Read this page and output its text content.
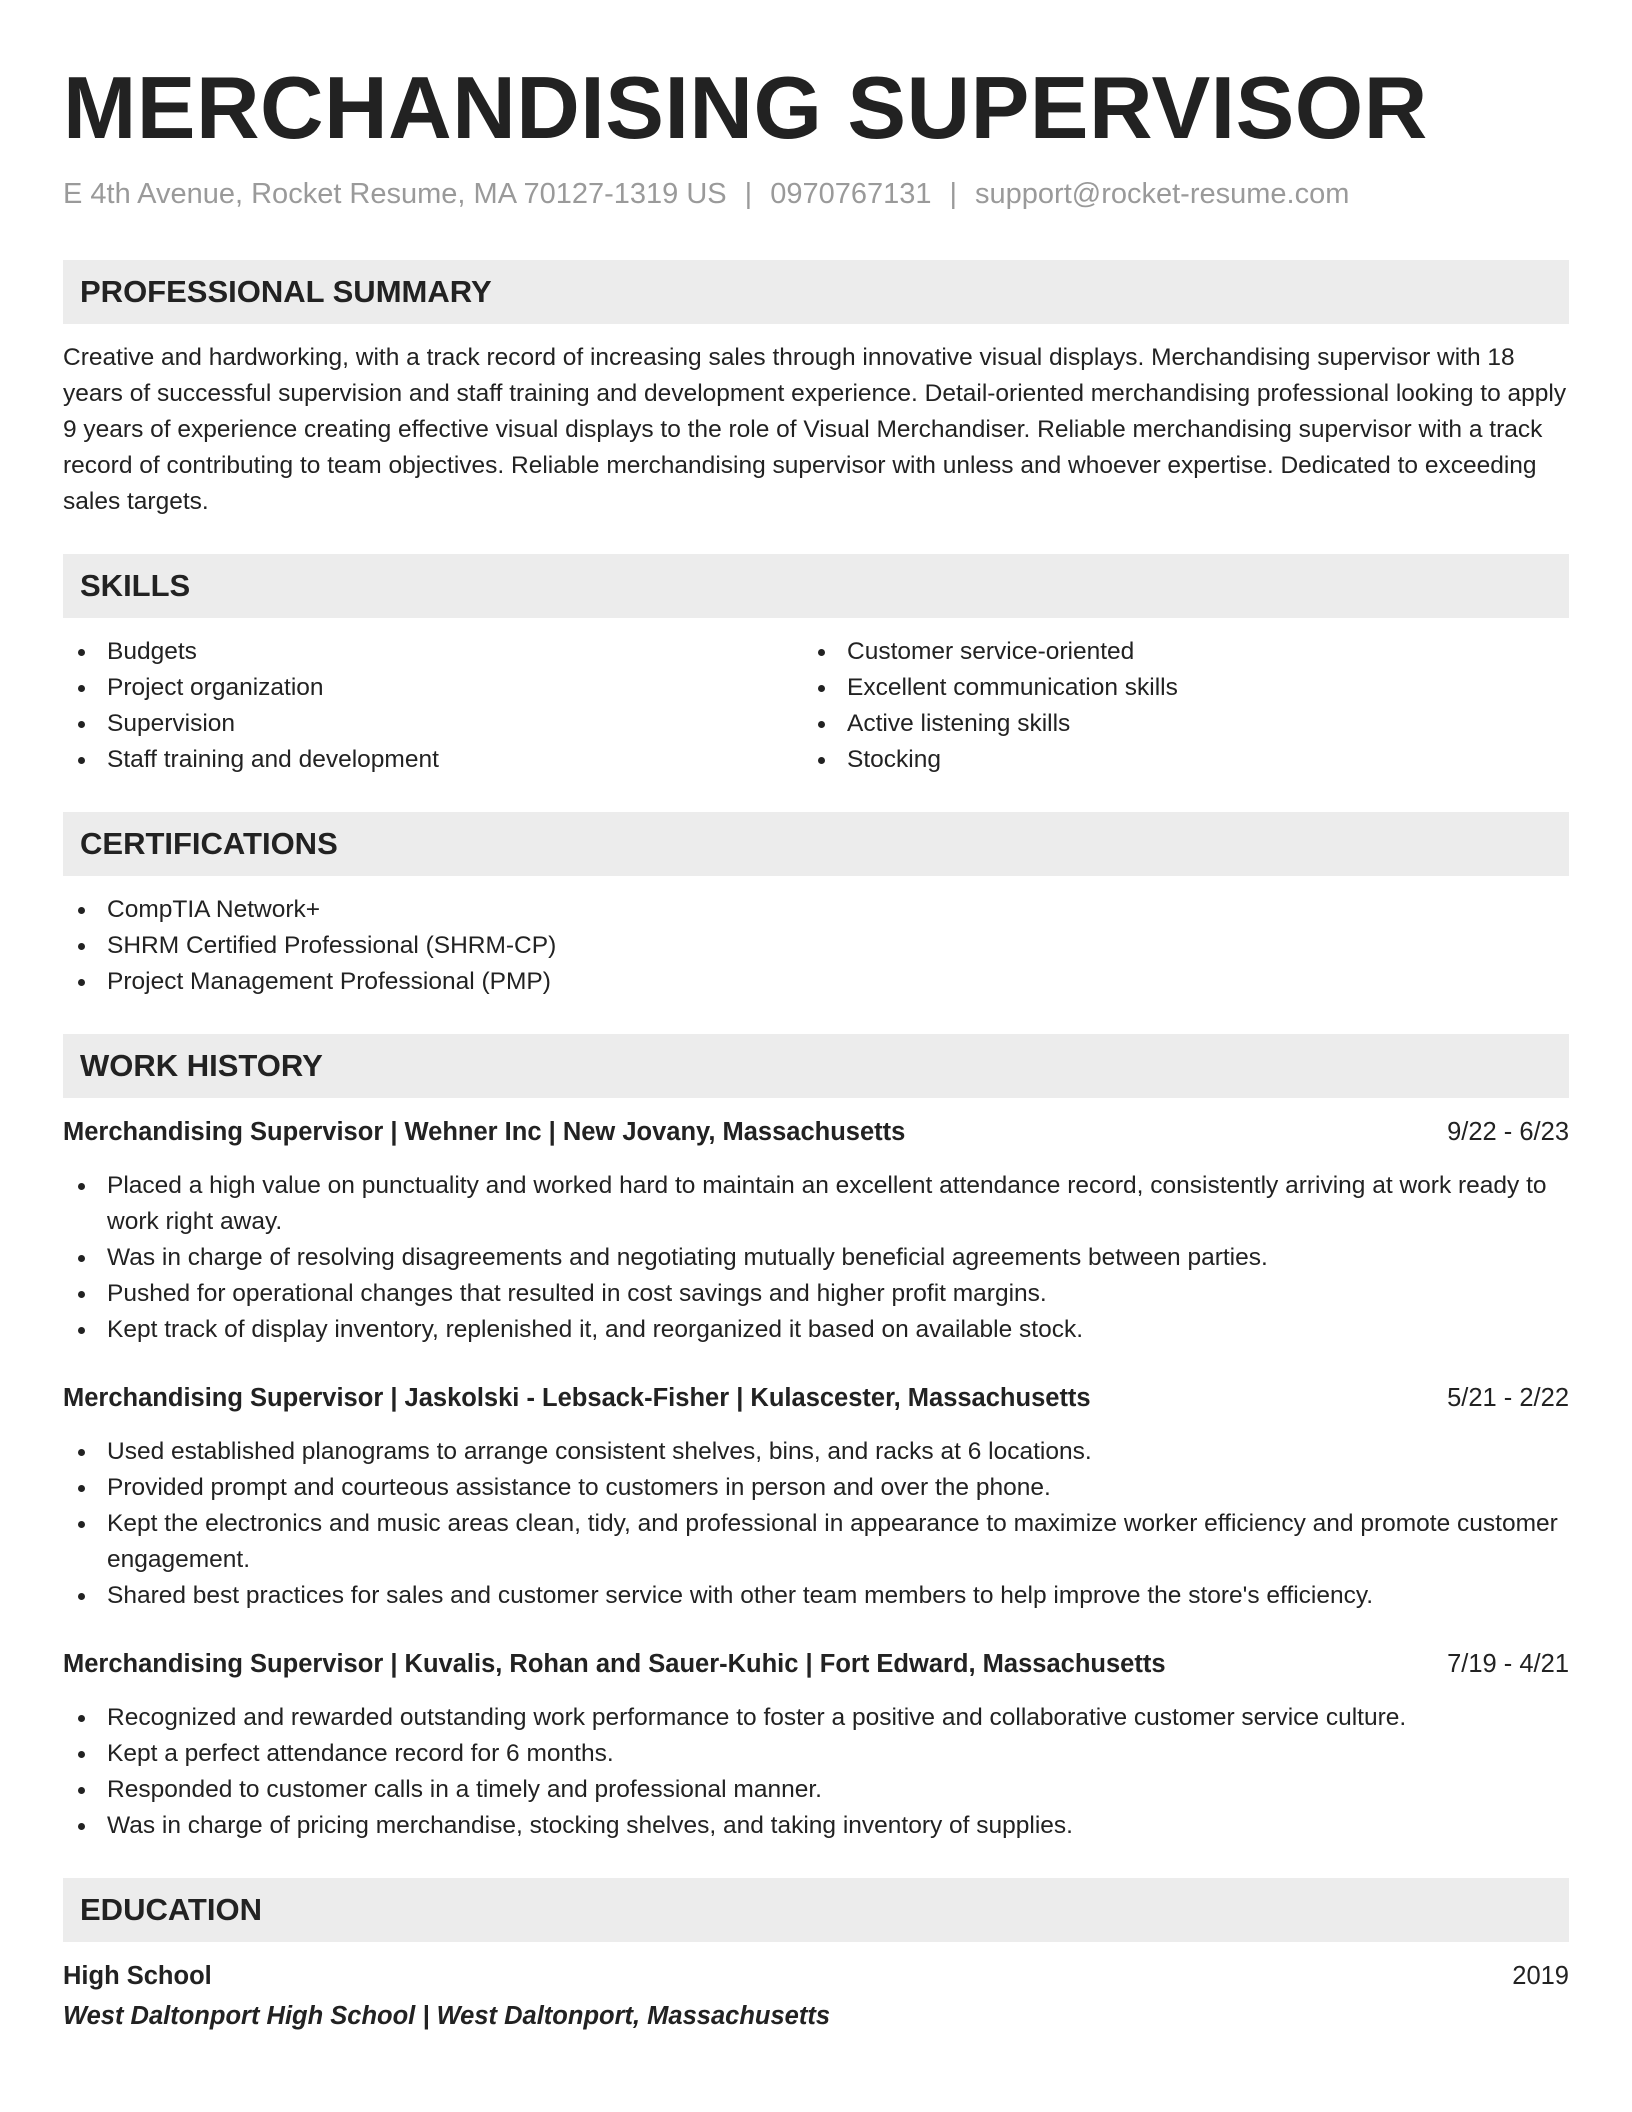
MERCHANDISING SUPERVISOR
E 4th Avenue, Rocket Resume, MA 70127-1319 US | 0970767131 | support@rocket-resume.com
PROFESSIONAL SUMMARY

Creative and hardworking, with a track record of increasing sales through innovative visual displays. Merchandising supervisor with 18 years of successful supervision and staff training and development experience. Detail-oriented merchandising professional looking to apply 9 years of experience creating effective visual displays to the role of Visual Merchandiser. Reliable merchandising supervisor with a track record of contributing to team objectives. Reliable merchandising supervisor with unless and whoever expertise. Dedicated to exceeding sales targets.

SKILLS
Budgets
Project organization
Supervision
Staff training and development
Customer service-oriented
Excellent communication skills
Active listening skills
Stocking
CERTIFICATIONS
CompTIA Network+
SHRM Certified Professional (SHRM-CP)
Project Management Professional (PMP)
WORK HISTORY
Merchandising Supervisor | Wehner Inc | New Jovany, Massachusetts	9/22 - 6/23
Placed a high value on punctuality and worked hard to maintain an excellent attendance record, consistently arriving at work ready to work right away.
Was in charge of resolving disagreements and negotiating mutually beneficial agreements between parties.
Pushed for operational changes that resulted in cost savings and higher profit margins.
Kept track of display inventory, replenished it, and reorganized it based on available stock.
Merchandising Supervisor | Jaskolski - Lebsack-Fisher | Kulascester, Massachusetts	5/21 - 2/22
Used established planograms to arrange consistent shelves, bins, and racks at 6 locations.
Provided prompt and courteous assistance to customers in person and over the phone.
Kept the electronics and music areas clean, tidy, and professional in appearance to maximize worker efficiency and promote customer engagement.
Shared best practices for sales and customer service with other team members to help improve the store's efficiency.
Merchandising Supervisor | Kuvalis, Rohan and Sauer-Kuhic | Fort Edward, Massachusetts	7/19 - 4/21
Recognized and rewarded outstanding work performance to foster a positive and collaborative customer service culture.
Kept a perfect attendance record for 6 months.
Responded to customer calls in a timely and professional manner.
Was in charge of pricing merchandise, stocking shelves, and taking inventory of supplies.
EDUCATION
High School	2019
West Daltonport High School | West Daltonport, Massachusetts
